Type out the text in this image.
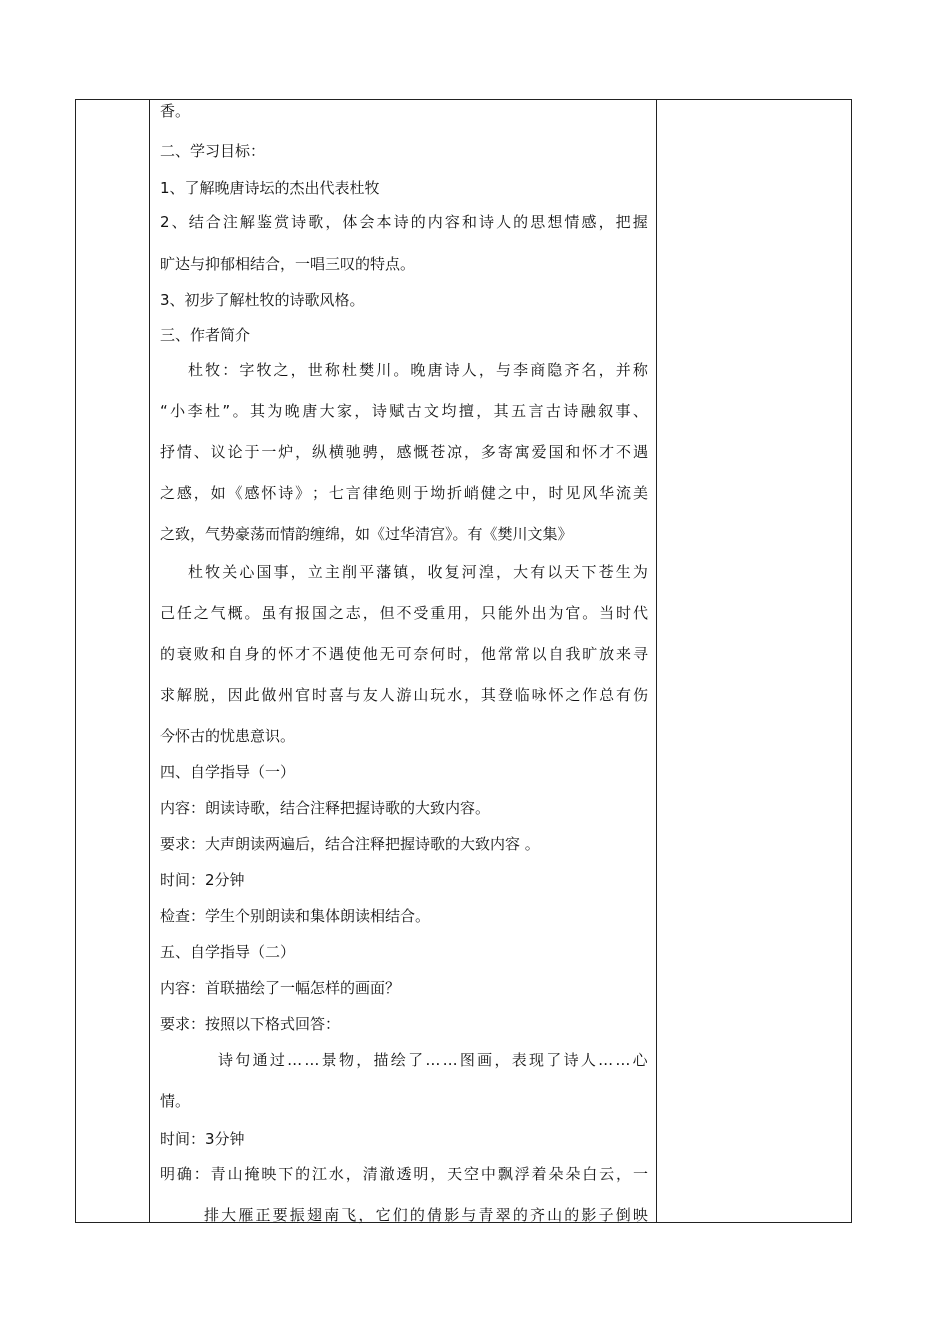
香。
二、学习目标：
1、了解晚唐诗坛的杰出代表杜牧
2 、 结 合 注 解 鉴 赏 诗 歌 ， 体 会 本 诗 的 内 容 和 诗 人 的 思 想 情 感 ， 把 握
旷达与抑郁相结合，一唱三叹的特点。
3、初步了解杜牧的诗歌风格。
三、作者简介
杜 牧 ： 字 牧 之 ， 世 称 杜 樊 川 。 晚 唐 诗 人 ， 与 李 商 隐 齐 名 ， 并 称
“ 小 李 杜 ” 。 其 为 晚 唐 大 家 ， 诗 赋 古 文 均 擅 ， 其 五 言 古 诗 融 叙 事 、
抒 情 、 议 论 于 一 炉 ， 纵 横 驰 骋 ， 感 慨 苍 凉 ， 多 寄 寓 爱 国 和 怀 才 不 遇
之 感 ， 如 《 感 怀 诗 》 ； 七 言 律 绝 则 于 坳 折 峭 健 之 中 ， 时 见 风 华 流 美
之致，气势豪荡而情韵缠绵，如《过华清宫》。有《樊川文集》
杜 牧 关 心 国 事 ， 立 主 削 平 藩 镇 ， 收 复 河 湟 ， 大 有 以 天 下 苍 生 为
己 任 之 气 概 。 虽 有 报 国 之 志 ， 但 不 受 重 用 ， 只 能 外 出 为 官 。 当 时 代
的 衰 败 和 自 身 的 怀 才 不 遇 使 他 无 可 奈 何 时 ， 他 常 常 以 自 我 旷 放 来 寻
求 解 脱 ， 因 此 做 州 官 时 喜 与 友 人 游 山 玩 水 ， 其 登 临 咏 怀 之 作 总 有 伤
今怀古的忧患意识。
四、自学指导（一）
内容：朗读诗歌，结合注释把握诗歌的大致内容。
要求：大声朗读两遍后，结合注释把握诗歌的大致内容 。
时间：2分钟
检查：学生个别朗读和集体朗读相结合。
五、自学指导（二）
内容：首联描绘了一幅怎样的画面？
要求：按照以下格式回答：
诗 句 通 过 … … 景 物 ， 描 绘 了 … … 图 画 ， 表 现 了 诗 人 … … 心
情。
时间：3分钟
明 确 ： 青 山 掩 映 下 的 江 水 ， 清 澈 透 明 ， 天 空 中 飘 浮 着 朵 朵 白 云 ， 一
排 大 雁 正 要 振 翅 南 飞 ， 它 们 的 倩 影 与 青 翠 的 齐 山 的 影 子 倒 映
